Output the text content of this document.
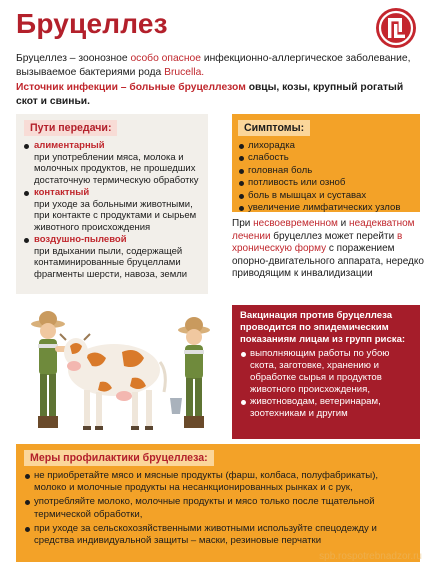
Бруцеллез
Бруцеллез – зоонозное особо опасное инфекционно-аллергическое заболевание, вызываемое бактериями рода Brucella.
Источник инфекции – больные бруцеллезом овцы, козы, крупный рогатый скот и свиньи.
Пути передачи:
алиментарный
при употреблении мяса, молока и молочных продуктов, не прошедших достаточную термическую обработку
контактный
при уходе за больными животными, при контакте с продуктами и сырьем животного происхождения
воздушно-пылевой
при вдыхании пыли, содержащей контаминированные бруцеллами фрагменты шерсти, навоза, земли
Симптомы:
лихорадка
слабость
головная боль
потливость или озноб
боль в мышцах и суставах
увеличение лимфатических узлов
При несвоевременном и неадекватном лечении бруцеллез может перейти в хроническую форму с поражением опорно-двигательного аппарата, нередко приводящим к инвалидизации
Вакцинация против бруцеллеза проводится по эпидемическим показаниям лицам из групп риска:
выполняющим работы по убою скота, заготовке, хранению и обработке сырья и продуктов животного происхождения,
животноводам, ветеринарам, зоотехникам и другим
Меры профилактики бруцеллеза:
не приобретайте мясо и мясные продукты (фарш, колбаса, полуфабрикаты), молоко и молочные продукты на несанкционированных рынках и с рук,
употребляйте молоко, молочные продукты и мясо только после тщательной термической обработки,
при уходе за сельскохозяйственными животными используйте спецодежду и средства индивидуальной защиты – маски, резиновые перчатки
spb.rospotrebnadzor.ru
